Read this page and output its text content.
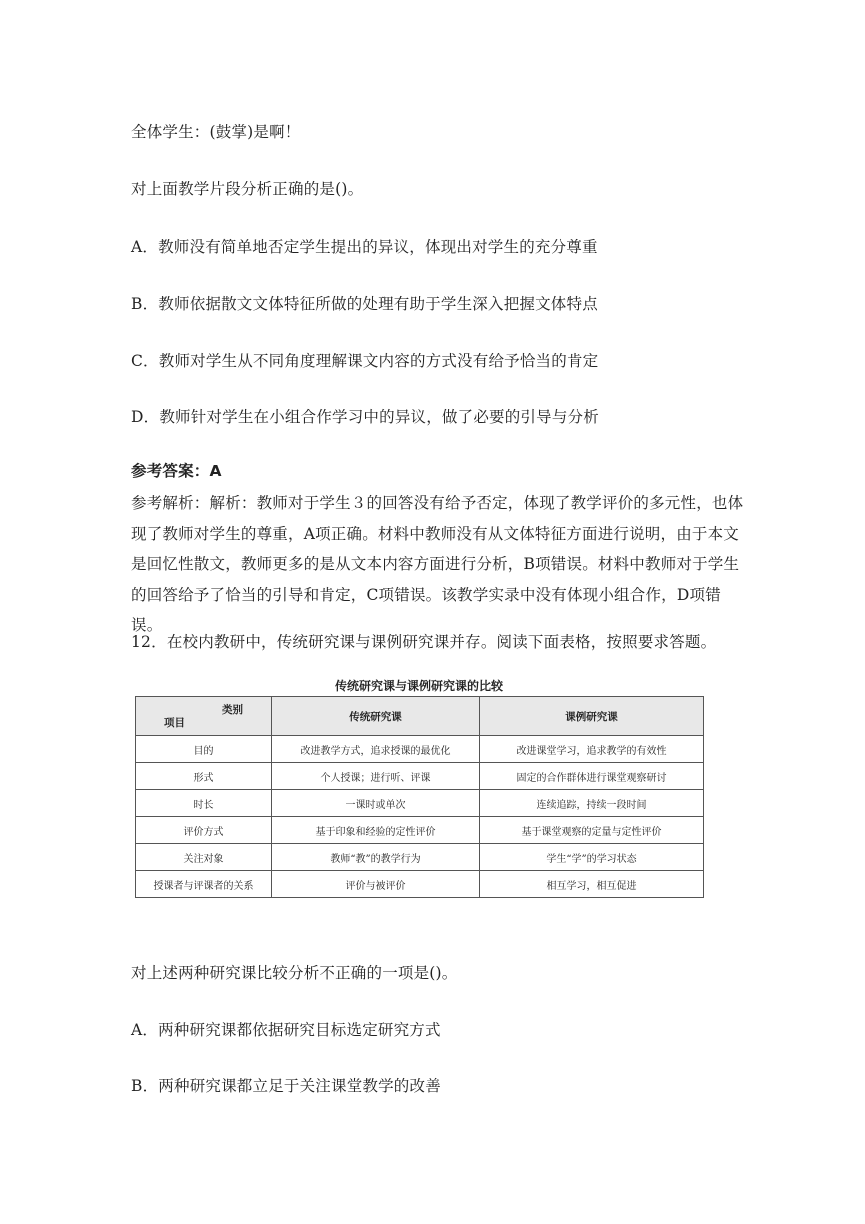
全体学生：(鼓掌)是啊！
对上面教学片段分析正确的是()。
A．教师没有简单地否定学生提出的异议，体现出对学生的充分尊重
B．教师依据散文文体特征所做的处理有助于学生深入把握文体特点
C．教师对学生从不同角度理解课文内容的方式没有给予恰当的肯定
D．教师针对学生在小组合作学习中的异议，做了必要的引导与分析
参考答案：A
参考解析：解析：教师对于学生３的回答没有给予否定，体现了教学评价的多元性，也体现了教师对学生的尊重，A项正确。材料中教师没有从文体特征方面进行说明，由于本文是回忆性散文，教师更多的是从文本内容方面进行分析，B项错误。材料中教师对于学生的回答给予了恰当的引导和肯定，C项错误。该教学实录中没有体现小组合作，D项错误。
12．在校内教研中，传统研究课与课例研究课并存。阅读下面表格，按照要求答题。
传统研究课与课例研究课的比较
类别
项目	传统研究课	课例研究课
目的	改进教学方式，追求授课的最优化	改进课堂学习，追求教学的有效性
形式	个人授课；进行听、评课	固定的合作群体进行课堂观察研讨
时长	一课时或单次	连续追踪，持续一段时间
评价方式	基于印象和经验的定性评价	基于课堂观察的定量与定性评价
关注对象	教师“教”的教学行为	学生“学”的学习状态
授课者与评课者的关系	评价与被评价	相互学习，相互促进
对上述两种研究课比较分析不正确的一项是()。
A．两种研究课都依据研究目标选定研究方式
B．两种研究课都立足于关注课堂教学的改善
